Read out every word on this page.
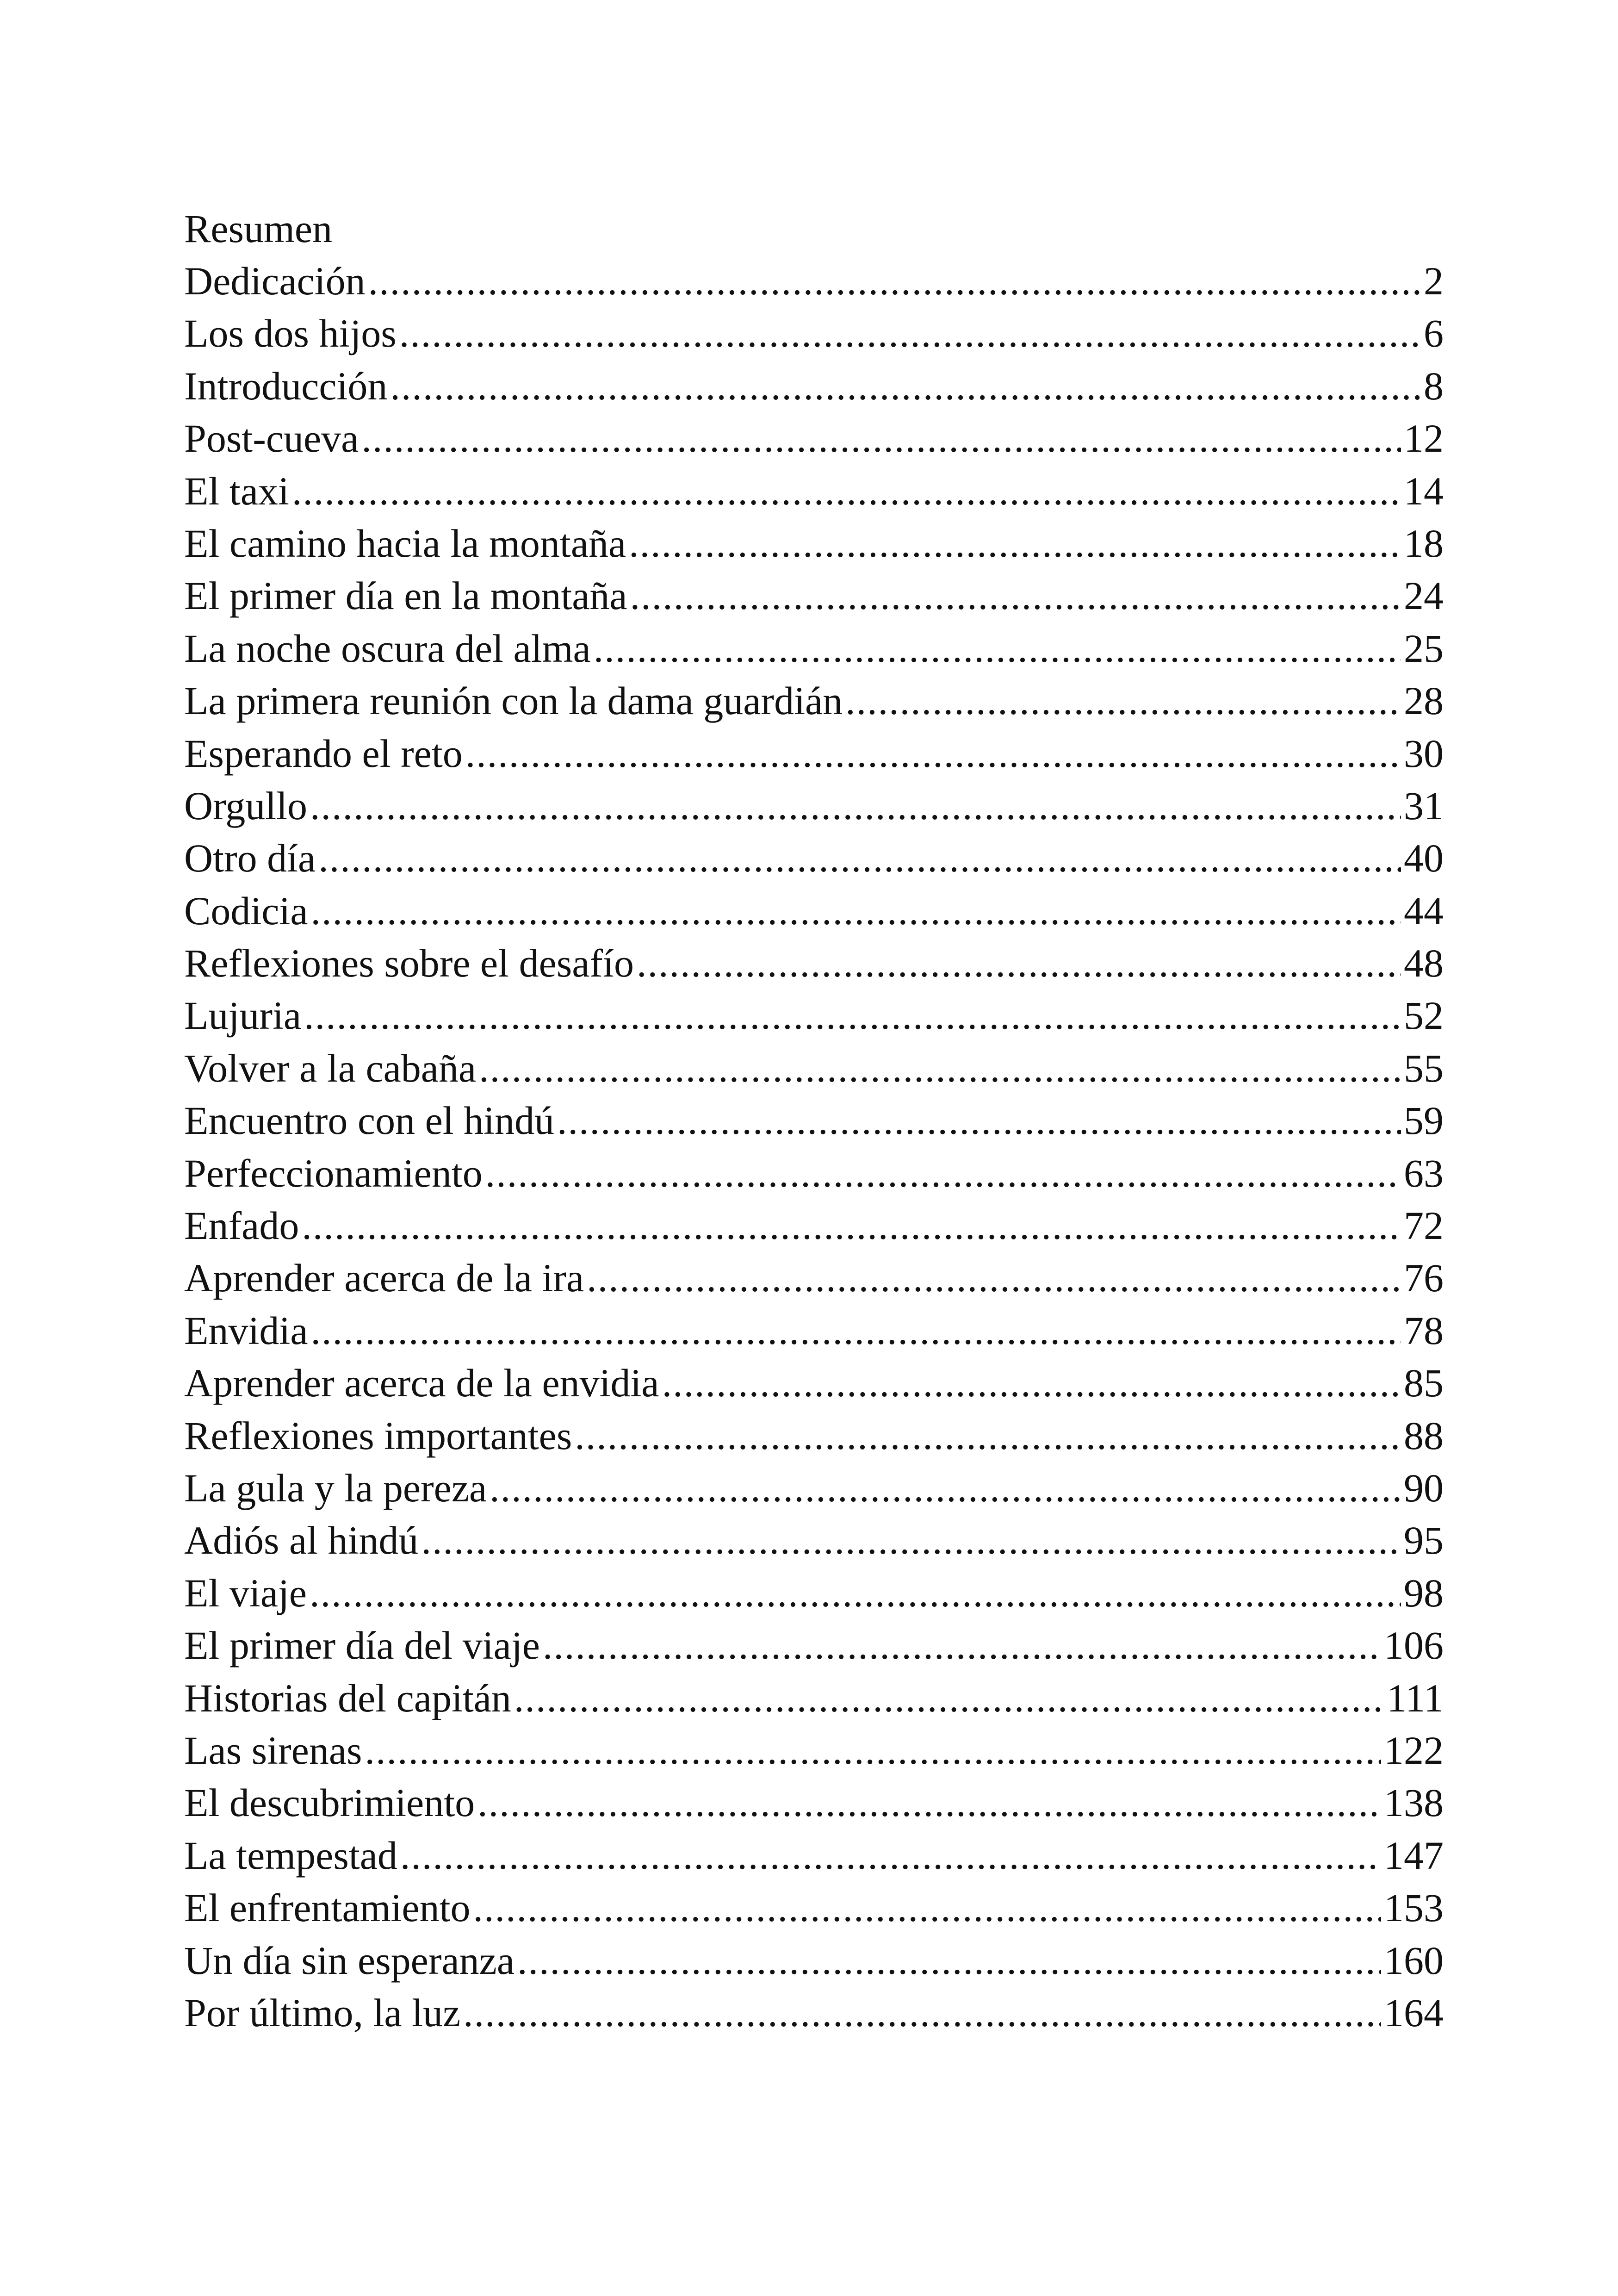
Resumen
Dedicación .....	2
Los dos hijos .....	6
Introducción .....	8
Post-cueva .....	12
El taxi .....	14
El camino hacia la montaña .....	18
El primer día en la montaña .....	24
La noche oscura del alma .....	25
La primera reunión con la dama guardián .....	28
Esperando el reto .....	30
Orgullo .....	31
Otro día .....	40
Codicia .....	44
Reflexiones sobre el desafío .....	48
Lujuria .....	52
Volver a la cabaña .....	55
Encuentro con el hindú .....	59
Perfeccionamiento .....	63
Enfado .....	72
Aprender acerca de la ira .....	76
Envidia .....	78
Aprender acerca de la envidia .....	85
Reflexiones importantes .....	88
La gula y la pereza .....	90
Adiós al hindú .....	95
El viaje .....	98
El primer día del viaje .....	106
Historias del capitán .....	111
Las sirenas .....	122
El descubrimiento .....	138
La tempestad .....	147
El enfrentamiento .....	153
Un día sin esperanza .....	160
Por último, la luz .....	164
